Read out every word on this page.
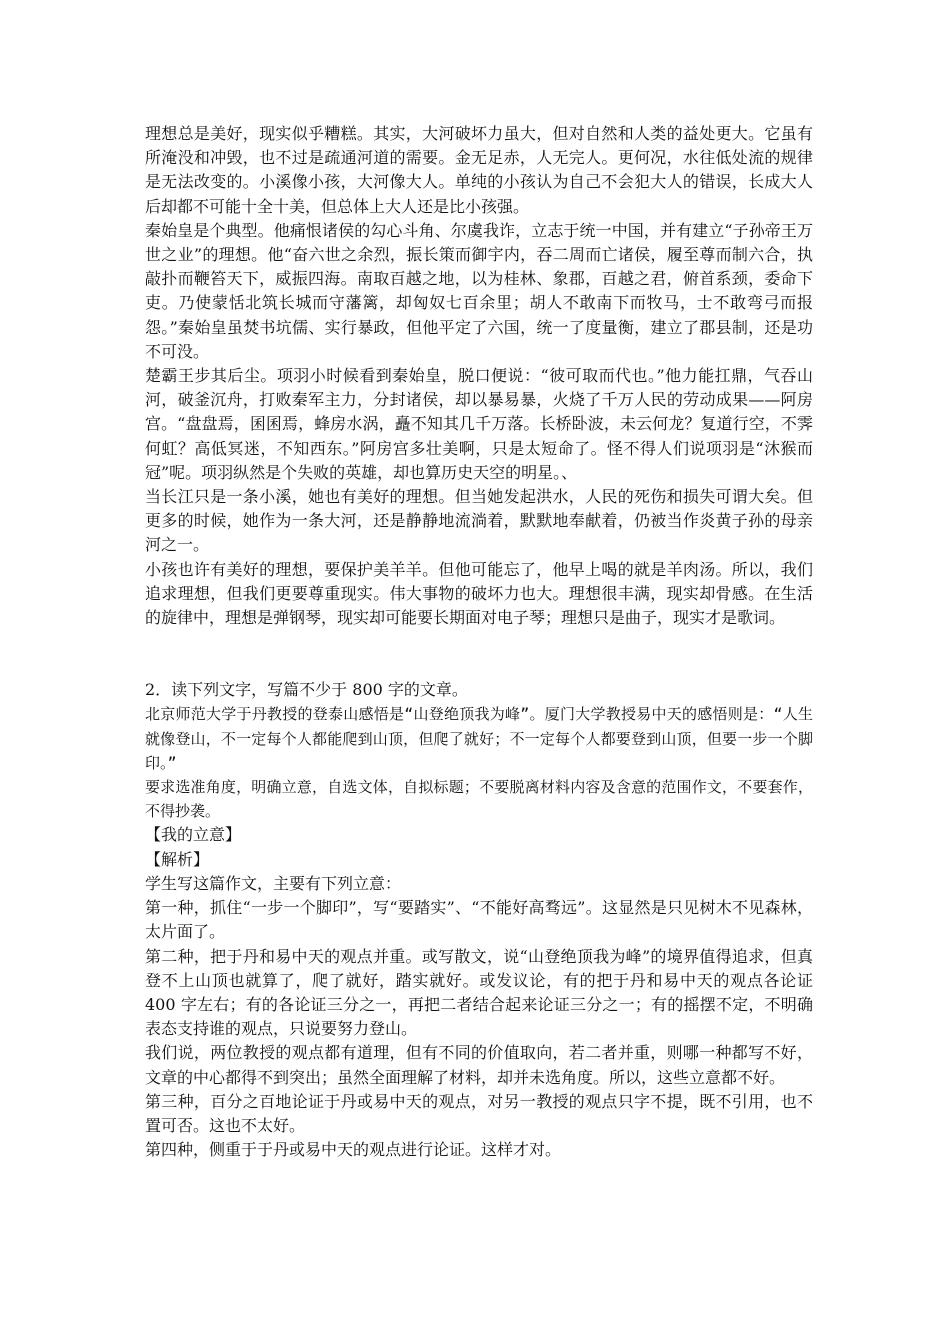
理想总是美好，现实似乎糟糕。其实，大河破坏力虽大，但对自然和人类的益处更大。它虽有所淹没和冲毁，也不过是疏通河道的需要。金无足赤，人无完人。更何况，水往低处流的规律是无法改变的。小溪像小孩，大河像大人。单纯的小孩认为自己不会犯大人的错误，长成大人后却都不可能十全十美，但总体上大人还是比小孩强。

秦始皇是个典型。他痛恨诸侯的勾心斗角、尔虞我诈，立志于统一中国，并有建立“子孙帝王万世之业”的理想。他“奋六世之余烈，振长策而御宇内，吞二周而亡诸侯，履至尊而制六合，执敲扑而鞭笞天下，威振四海。南取百越之地，以为桂林、象郡，百越之君，俯首系颈，委命下吏。乃使蒙恬北筑长城而守藩篱，却匈奴七百余里；胡人不敢南下而牧马，士不敢弯弓而报怨。”秦始皇虽焚书坑儒、实行暴政，但他平定了六国，统一了度量衡，建立了郡县制，还是功不可没。

楚霸王步其后尘。项羽小时候看到秦始皇，脱口便说：“彼可取而代也。”他力能扛鼎，气吞山河，破釜沉舟，打败秦军主力，分封诸侯，却以暴易暴，火烧了千万人民的劳动成果——阿房宫。“盘盘焉，囷囷焉，蜂房水涡，矗不知其几千万落。长桥卧波，未云何龙？复道行空，不霁何虹？高低冥迷，不知西东。”阿房宫多壮美啊，只是太短命了。怪不得人们说项羽是“沐猴而冠”呢。项羽纵然是个失败的英雄，却也算历史天空的明星。、

当长江只是一条小溪，她也有美好的理想。但当她发起洪水，人民的死伤和损失可谓大矣。但更多的时候，她作为一条大河，还是静静地流淌着，默默地奉献着，仍被当作炎黄子孙的母亲河之一。

小孩也许有美好的理想，要保护美羊羊。但他可能忘了，他早上喝的就是羊肉汤。所以，我们追求理想，但我们更要尊重现实。伟大事物的破坏力也大。理想很丰满，现实却骨感。在生活的旋律中，理想是弹钢琴，现实却可能要长期面对电子琴；理想只是曲子，现实才是歌词。

2．读下列文字，写篇不少于 800 字的文章。

北京师范大学于丹教授的登泰山感悟是“山登绝顶我为峰”。厦门大学教授易中天的感悟则是：“人生就像登山，不一定每个人都能爬到山顶，但爬了就好；不一定每个人都要登到山顶，但要一步一个脚印。”

要求选准角度，明确立意，自选文体，自拟标题；不要脱离材料内容及含意的范围作文，不要套作，不得抄袭。

【我的立意】

【解析】

学生写这篇作文，主要有下列立意：

第一种，抓住“一步一个脚印”，写“要踏实”、“不能好高骛远”。这显然是只见树木不见森林，太片面了。

第二种，把于丹和易中天的观点并重。或写散文，说“山登绝顶我为峰”的境界值得追求，但真登不上山顶也就算了，爬了就好，踏实就好。或发议论，有的把于丹和易中天的观点各论证 400 字左右；有的各论证三分之一，再把二者结合起来论证三分之一；有的摇摆不定，不明确表态支持谁的观点，只说要努力登山。

我们说，两位教授的观点都有道理，但有不同的价值取向，若二者并重，则哪一种都写不好，文章的中心都得不到突出；虽然全面理解了材料，却并未选角度。所以，这些立意都不好。

第三种，百分之百地论证于丹或易中天的观点，对另一教授的观点只字不提，既不引用，也不置可否。这也不太好。

第四种，侧重于于丹或易中天的观点进行论证。这样才对。
